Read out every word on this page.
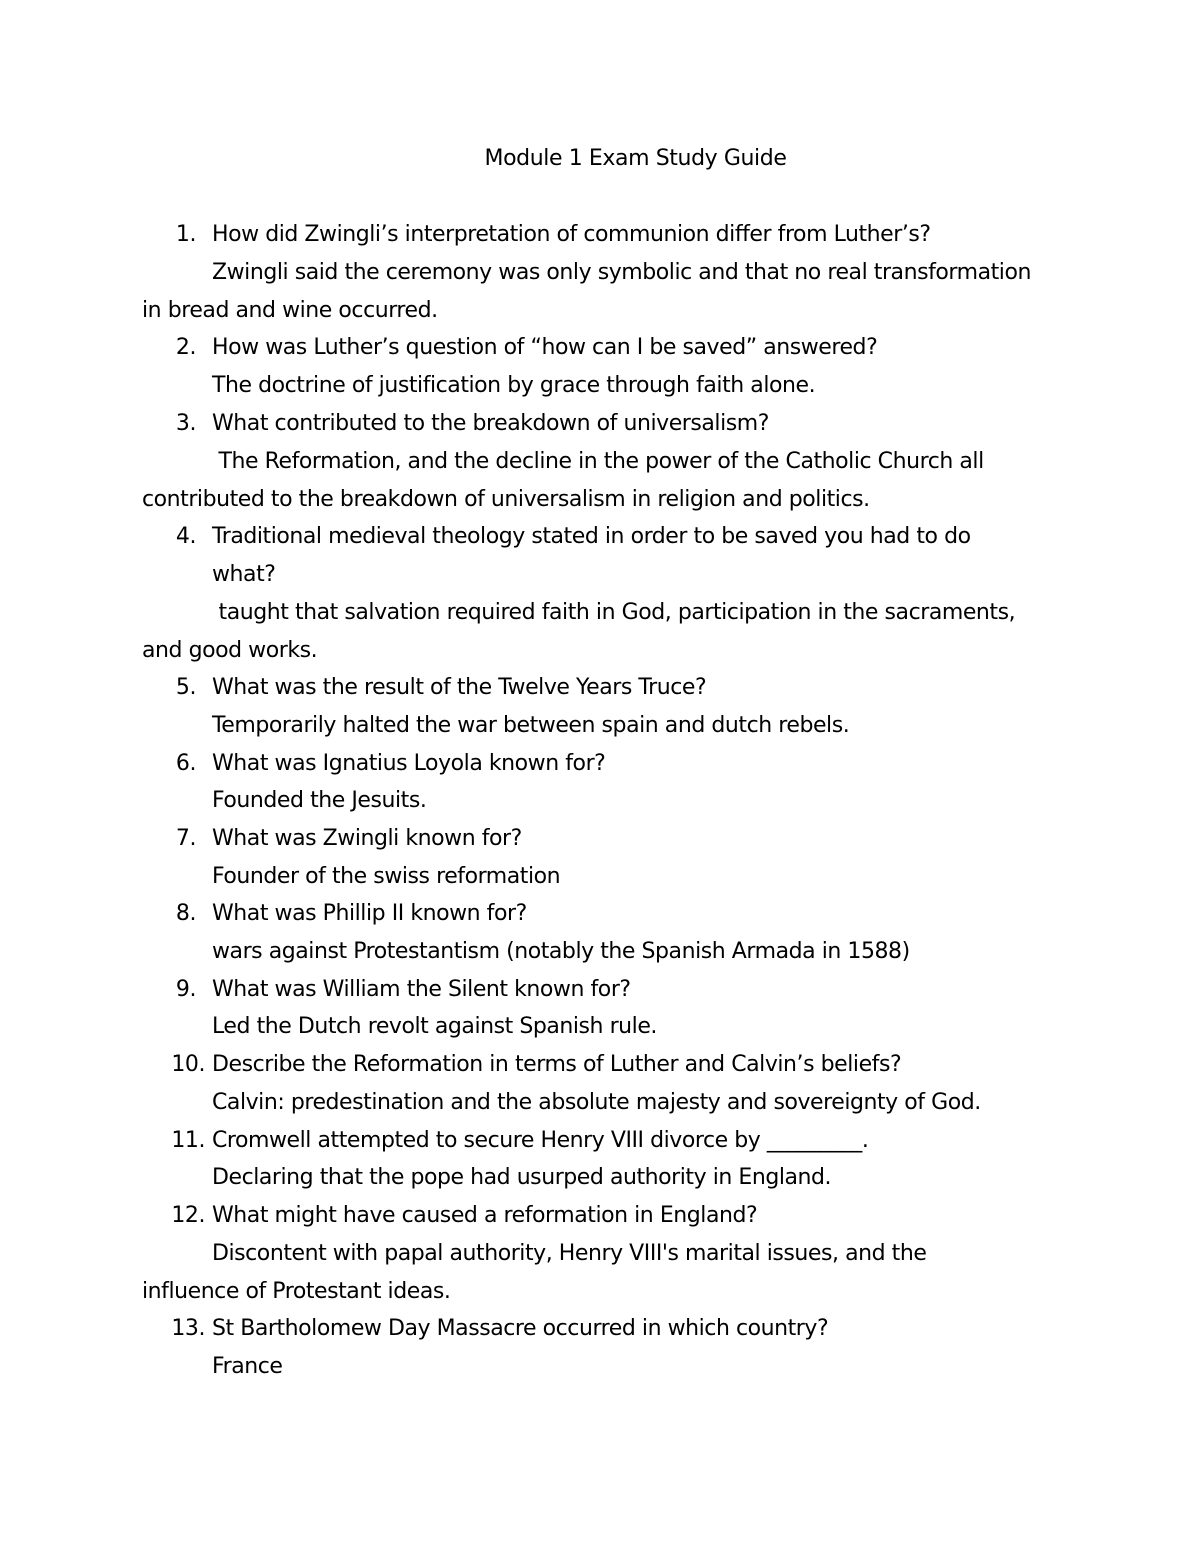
Module 1 Exam Study Guide
1. How did Zwingli’s interpretation of communion differ from Luther’s?
Zwingli said the ceremony was only symbolic and that no real transformation
in bread and wine occurred.
2. How was Luther’s question of “how can I be saved” answered?
The doctrine of justification by grace through faith alone.
3. What contributed to the breakdown of universalism?
The Reformation, and the decline in the power of the Catholic Church all
contributed to the breakdown of universalism in religion and politics.
4. Traditional medieval theology stated in order to be saved you had to do
what?
taught that salvation required faith in God, participation in the sacraments,
and good works.
5. What was the result of the Twelve Years Truce?
Temporarily halted the war between spain and dutch rebels.
6. What was Ignatius Loyola known for?
Founded the Jesuits.
7. What was Zwingli known for?
Founder of the swiss reformation
8. What was Phillip II known for?
wars against Protestantism (notably the Spanish Armada in 1588)
9. What was William the Silent known for?
Led the Dutch revolt against Spanish rule.
10. Describe the Reformation in terms of Luther and Calvin’s beliefs?
Calvin: predestination and the absolute majesty and sovereignty of God.
11. Cromwell attempted to secure Henry VIII divorce by _________.
Declaring that the pope had usurped authority in England.
12. What might have caused a reformation in England?
Discontent with papal authority, Henry VIII's marital issues, and the
influence of Protestant ideas.
13. St Bartholomew Day Massacre occurred in which country?
France
